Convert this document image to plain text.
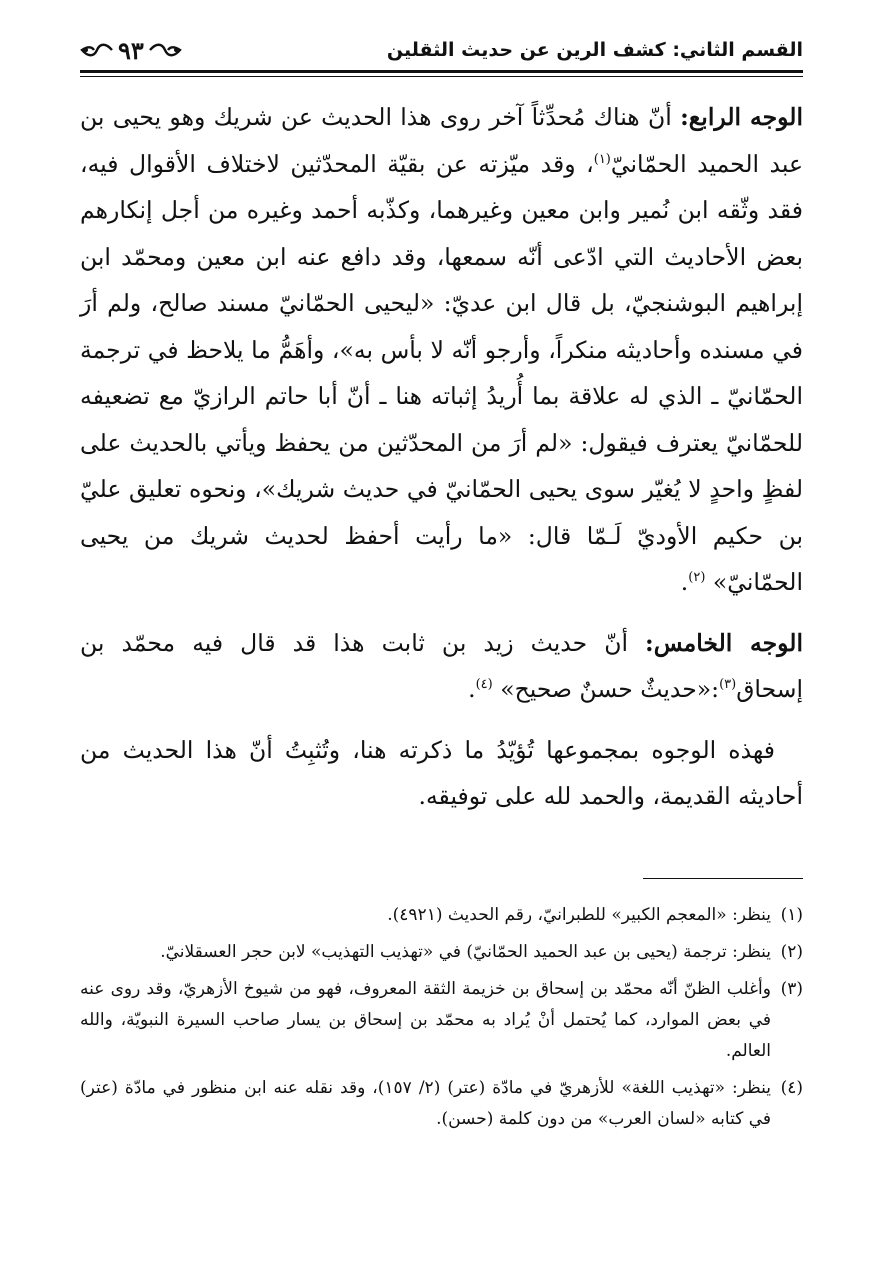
القسم الثاني: كشف الرين عن حديث الثقلين
٩٣

الوجه الرابع: أنّ هناك مُحدِّثاً آخر روى هذا الحديث عن شريك وهو يحيى بن عبد الحميد الحمّانيّ$^{(١)}$، وقد ميّزته عن بقيّة المحدّثين لاختلاف الأقوال فيه، فقد وثّقه ابن نُمير وابن معين وغيرهما، وكذّبه أحمد وغيره من أجل إنكارهم بعض الأحاديث التي ادّعى أنّه سمعها، وقد دافع عنه ابن معين ومحمّد ابن إبراهيم البوشنجيّ، بل قال ابن عديّ: «ليحيى الحمّانيّ مسند صالح، ولم أرَ في مسنده وأحاديثه منكراً، وأرجو أنّه لا بأس به»، وأهَمُّ ما يلاحظ في ترجمة الحمّانيّ ـ الذي له علاقة بما أُريدُ إثباته هنا ـ أنّ أبا حاتم الرازيّ مع تضعيفه للحمّانيّ يعترف فيقول: «لم أرَ من المحدّثين من يحفظ ويأتي بالحديث على لفظٍ واحدٍ لا يُغيّر سوى يحيى الحمّانيّ في حديث شريك»، ونحوه تعليق عليّ بن حكيم الأوديّ لَـمّا قال: «ما رأيت أحفظ لحديث شريك من يحيى الحمّانيّ» $^{(٢)}$.

الوجه الخامس: أنّ حديث زيد بن ثابت هذا قد قال فيه محمّد بن إسحاق$^{(٣)}$:«حديثٌ حسنٌ صحيح» $^{(٤)}$.

فهذه الوجوه بمجموعها تُؤيّدُ ما ذكرته هنا، وتُثبِتُ أنّ هذا الحديث من أحاديثه القديمة، والحمد لله على توفيقه.

(١)
ينظر: «المعجم الكبير» للطبرانيّ، رقم الحديث (٤٩٢١).

(٢)
ينظر: ترجمة (يحيى بن عبد الحميد الحمّانيّ) في «تهذيب التهذيب» لابن حجر العسقلانيّ.

(٣)
وأغلب الظنّ أنّه محمّد بن إسحاق بن خزيمة الثقة المعروف، فهو من شيوخ الأزهريّ، وقد روى عنه في بعض الموارد، كما يُحتمل أنْ يُراد به محمّد بن إسحاق بن يسار صاحب السيرة النبويّة، والله العالم.

(٤)
ينظر: «تهذيب اللغة» للأزهريّ في مادّة (عتر) (٢/ ١٥٧)، وقد نقله عنه ابن منظور في مادّة (عتر) في كتابه «لسان العرب» من دون كلمة (حسن).
